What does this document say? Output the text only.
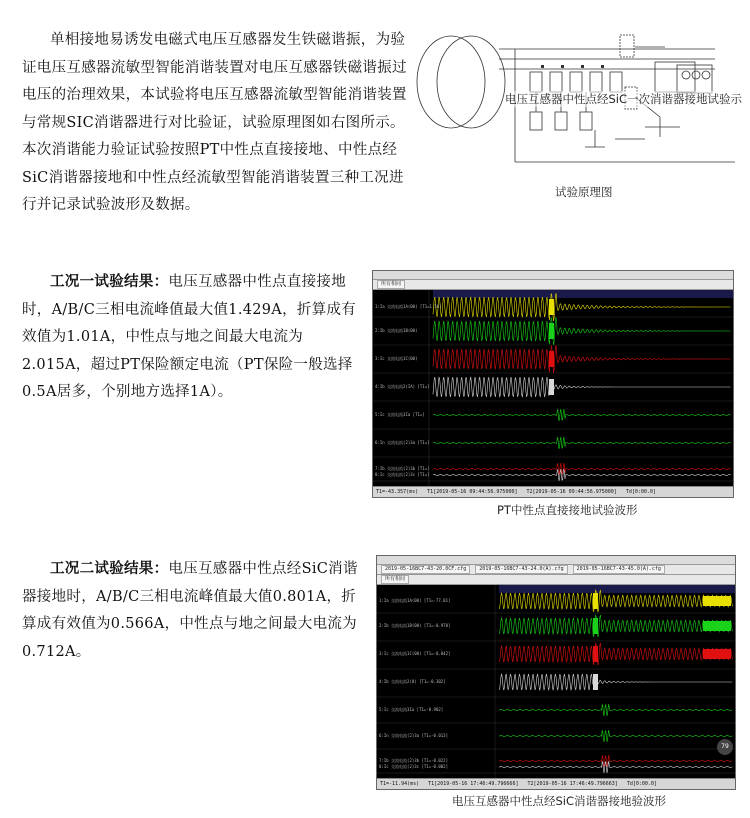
单相接地易诱发电磁式电压互感器发生铁磁谐振，为验证电压互感器流敏型智能消谐装置对电压互感器铁磁谐振过电压的治理效果，本试验将电压互感器流敏型智能消谐装置与常规SIC消谐器进行对比验证，试验原理图如右图所示。本次消谐能力验证试验按照PT中性点直接接地、中性点经SiC消谐器接地和中性点经流敏型智能消谐装置三种工况进行并记录试验波形及数据。
电压互感器中性点经SiC一次消谐器接地试验示
试验原理图
工况一试验结果：电压互感器中性点直接接地时，A/B/C三相电流峰值最大值1.429A，折算成有效值为1.01A，中性点与地之间最大电流为2.015A，超过PT保险额定电流（PT保险一般选择0.5A居多，个别地方选择1A）。
所有相间
1:Ia 交流电流1A(00) [T1=1.56]
2:Ib 交流电流1B(00)
3:Ic 交流电流1C(00)
4:Ib 交流电流2(IA) [T1=]
5:Ic 交流电流3Ia [T1=]
6:In 交流电流(2)3a [T1=]
7:Ib 交流电流(2)3b [T1=]
8:Ic 交流电流(2)3c [T1=]
T1=-43.357(ms) T1[2019-05-16 09:44:56.975000] T2[2019-05-16 09:44:56.975000] Td[0:00.0]
PT中性点直接接地试验波形
工况二试验结果：电压互感器中性点经SiC消谐器接地时，A/B/C三相电流峰值最大值0.801A，折算成有效值为0.566A，中性点与地之间最大电流为0.712A。
2019-05-16BC7-43-20.0CF.cfg	2019-05-16BC7-43-24.0(A).cfg	2019-05-16BC7-43-45.0(A).cfg
所有相间
1:Ia 交流电流1A(00) [T1=-77.01]
2:Ib 交流电流1B(00) [T1=-0.970]
3:Ic 交流电流1C(00) [T1=-0.042]
4:Ib 交流电流2(0) [T1=-0.302]
5:Ic 交流电流3Ia [T1=-0.902]
6:In 交流电流(2)3a [T1=-0.013]
7:Ib 交流电流(2)3b [T1=-0.022]
8:Ic 交流电流(2)3c [T1=-0.002]
79
T1=-11.94(ms) T1[2019-05-16 17:46:49.796666] T2[2019-05-16 17:46:49.796663] Td[0:00.0]
电压互感器中性点经SiC消谐器接地验波形
